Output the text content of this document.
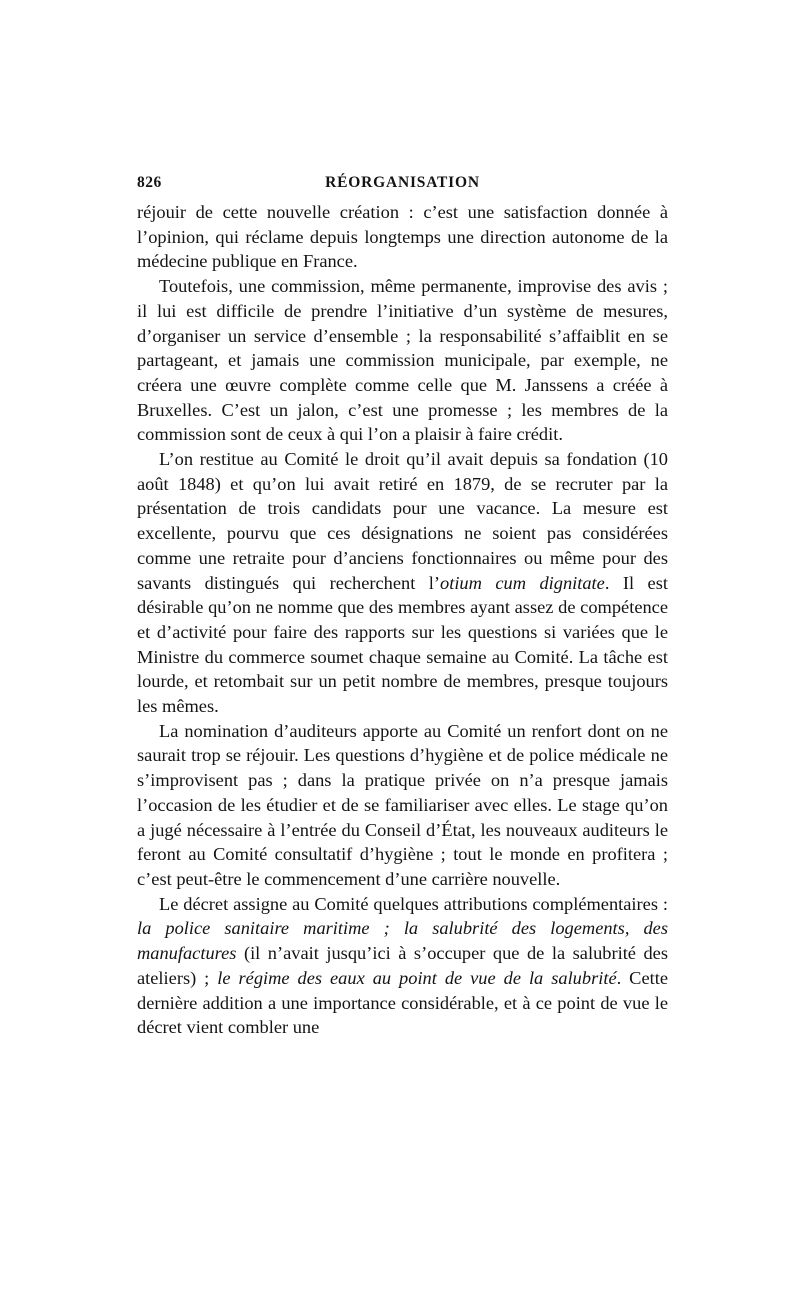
826	RÉORGANISATION

réjouir de cette nouvelle création : c’est une satisfaction donnée à l’opinion, qui réclame depuis longtemps une direction autonome de la médecine publique en France.

Toutefois, une commission, même permanente, improvise des avis ; il lui est difficile de prendre l’initiative d’un système de mesures, d’organiser un service d’ensemble ; la responsabilité s’affaiblit en se partageant, et jamais une commission municipale, par exemple, ne créera une œuvre complète comme celle que M. Janssens a créée à Bruxelles. C’est un jalon, c’est une promesse ; les membres de la commission sont de ceux à qui l’on a plaisir à faire crédit.

L’on restitue au Comité le droit qu’il avait depuis sa fondation (10 août 1848) et qu’on lui avait retiré en 1879, de se recruter par la présentation de trois candidats pour une vacance. La mesure est excellente, pourvu que ces désignations ne soient pas considérées comme une retraite pour d’anciens fonctionnaires ou même pour des savants distingués qui recherchent l’otium cum dignitate. Il est désirable qu’on ne nomme que des membres ayant assez de compétence et d’activité pour faire des rapports sur les questions si variées que le Ministre du commerce soumet chaque semaine au Comité. La tâche est lourde, et retombait sur un petit nombre de membres, presque toujours les mêmes.

La nomination d’auditeurs apporte au Comité un renfort dont on ne saurait trop se réjouir. Les questions d’hygiène et de police médicale ne s’improvisent pas ; dans la pratique privée on n’a presque jamais l’occasion de les étudier et de se familiariser avec elles. Le stage qu’on a jugé nécessaire à l’entrée du Conseil d’État, les nouveaux auditeurs le feront au Comité consultatif d’hygiène ; tout le monde en profitera ; c’est peut-être le commencement d’une carrière nouvelle.

Le décret assigne au Comité quelques attributions complémentaires : la police sanitaire maritime ; la salubrité des logements, des manufactures (il n’avait jusqu’ici à s’occuper que de la salubrité des ateliers) ; le régime des eaux au point de vue de la salubrité. Cette dernière addition a une importance considérable, et à ce point de vue le décret vient combler une
